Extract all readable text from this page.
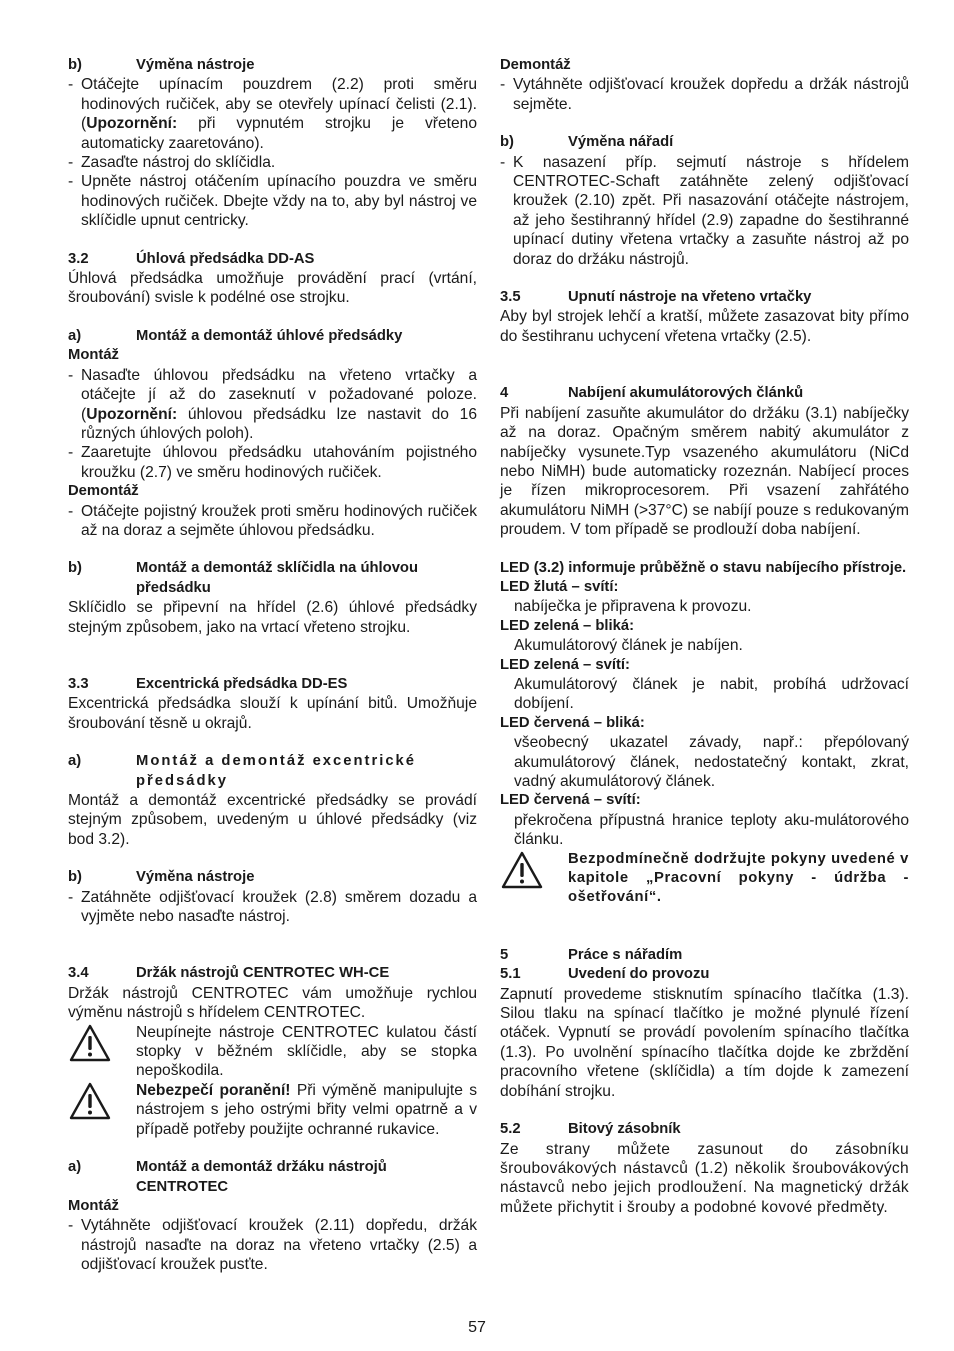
b)	Výměna nástroje
- Otáčejte upínacím pouzdrem (2.2) proti směru hodinových ručiček, aby se otevřely upínací čelisti (2.1). (Upozornění: při vypnutém strojku je vřeteno automaticky zaaretováno).
- Zasaďte nástroj do sklíčidla.
- Upněte nástroj otáčením upínacího pouzdra ve směru hodinových ručiček. Dbejte vždy na to, aby byl nástroj ve sklíčidle upnut centricky.
3.2	Úhlová předsádka DD-AS
Úhlová předsádka umožňuje provádění prací (vrtání, šroubování) svisle k podélné ose strojku.
a)	Montáž a demontáž úhlové předsádky
Montáž
- Nasaďte úhlovou předsádku na vřeteno vrtačky a otáčejte jí až do zaseknutí v požadované poloze. (Upozornění: úhlovou předsádku lze nastavit do 16 různých úhlových poloh).
- Zaaretujte úhlovou předsádku utahováním pojistného kroužku (2.7) ve směru hodinových ručiček.
Demontáž
- Otáčejte pojistný kroužek proti směru hodinových ručiček až na doraz a sejměte úhlovou předsádku.
b)	Montáž a demontáž sklíčidla na úhlovou předsádku
Sklíčidlo se připevní na hřídel (2.6) úhlové předsádky stejným způsobem, jako na vrtací vřeteno strojku.
3.3	Excentrická předsádka DD-ES
Excentrická předsádka slouží k upínání bitů. Umožňuje šroubování těsně u okrajů.
a)	Montáž a demontáž excentrické předsádky
Montáž a demontáž excentrické předsádky se provádí stejným způsobem, uvedeným u úhlové předsádky (viz bod 3.2).
b)	Výměna nástroje
- Zatáhněte odjišťovací kroužek (2.8) směrem dozadu a vyjměte nebo nasaďte nástroj.
3.4	Držák nástrojů CENTROTEC WH-CE
Držák nástrojů CENTROTEC vám umožňuje rychlou výměnu nástrojů s hřídelem CENTROTEC.
Neupínejte nástroje CENTROTEC kulatou částí stopky v běžném sklíčidle, aby se stopka nepoškodila.
Nebezpečí poranění! Při výměně manipulujte s nástrojem s jeho ostrými břity velmi opatrně a v případě potřeby použijte ochranné rukavice.
a)	Montáž a demontáž držáku nástrojů CENTROTEC
Montáž
- Vytáhněte odjišťovací kroužek (2.11) dopředu, držák nástrojů nasaďte na doraz na vřeteno vrtačky (2.5) a odjišťovací kroužek pusťte.
Demontáž
- Vytáhněte odjišťovací kroužek dopředu a držák nástrojů sejměte.
b)	Výměna nářadí
- K nasazení příp. sejmutí nástroje s hřídelem CENTROTEC-Schaft zatáhněte zelený odjišťovací kroužek (2.10) zpět. Při nasazování otáčejte nástrojem, až jeho šestihranný hřídel (2.9) zapadne do šestihranné upínací dutiny vřetena vrtačky a zasuňte nástroj až po doraz do držáku nástrojů.
3.5	Upnutí nástroje na vřeteno vrtačky
Aby byl strojek lehčí a kratší, můžete zasazovat bity přímo do šestihranu uchycení vřetena vrtačky (2.5).
4	Nabíjení akumulátorových článků
Při nabíjení zasuňte akumulátor do držáku (3.1) nabíječky až na doraz. Opačným směrem nabitý akumulátor z nabíječky vysunete.Typ vsazeného akumulátoru (NiCd nebo NiMH) bude automaticky rozeznán. Nabíjecí proces je řízen mikroprocesorem. Při vsazení zahřátého akumulátoru NiMH (>37°C) se nabíjí pouze s redukovaným proudem. V tom případě se prodlouží doba nabíjení.
LED (3.2) informuje průběžně o stavu nabíjecího přístroje.
LED žlutá – svítí:
nabíječka je připravena k provozu.
LED zelená – bliká:
Akumulátorový článek je nabíjen.
LED zelená – svítí:
Akumulátorový článek je nabit, probíhá udržovací dobíjení.
LED červená – bliká:
všeobecný ukazatel závady, např.: přepólovaný akumulátorový článek, nedostatečný kontakt, zkrat, vadný akumulátorový článek.
LED červená – svítí:
překročena přípustná hranice teploty aku-mulátorového článku.
Bezpodmínečně dodržujte pokyny uvedené v kapitole „Pracovní pokyny - údržba - ošetřování“.
5	Práce s nářadím
5.1	Uvedení do provozu
Zapnutí provedeme stisknutím spínacího tlačítka (1.3). Silou tlaku na spínací tlačítko je možné plynulé řízení otáček. Vypnutí se provádí povolením spínacího tlačítka (1.3). Po uvolnění spínacího tlačítka dojde ke zbrždění pracovního vřetene (sklíčidla) a tím dojde k zamezení dobíhání strojku.
5.2	Bitový zásobník
Ze strany můžete zasunout do zásobníku šroubovákových nástavců (1.2) několik šroubovákových nástavců nebo jejich prodloužení. Na magnetický držák můžete přichytit i šrouby a podobné kovové předměty.
57
